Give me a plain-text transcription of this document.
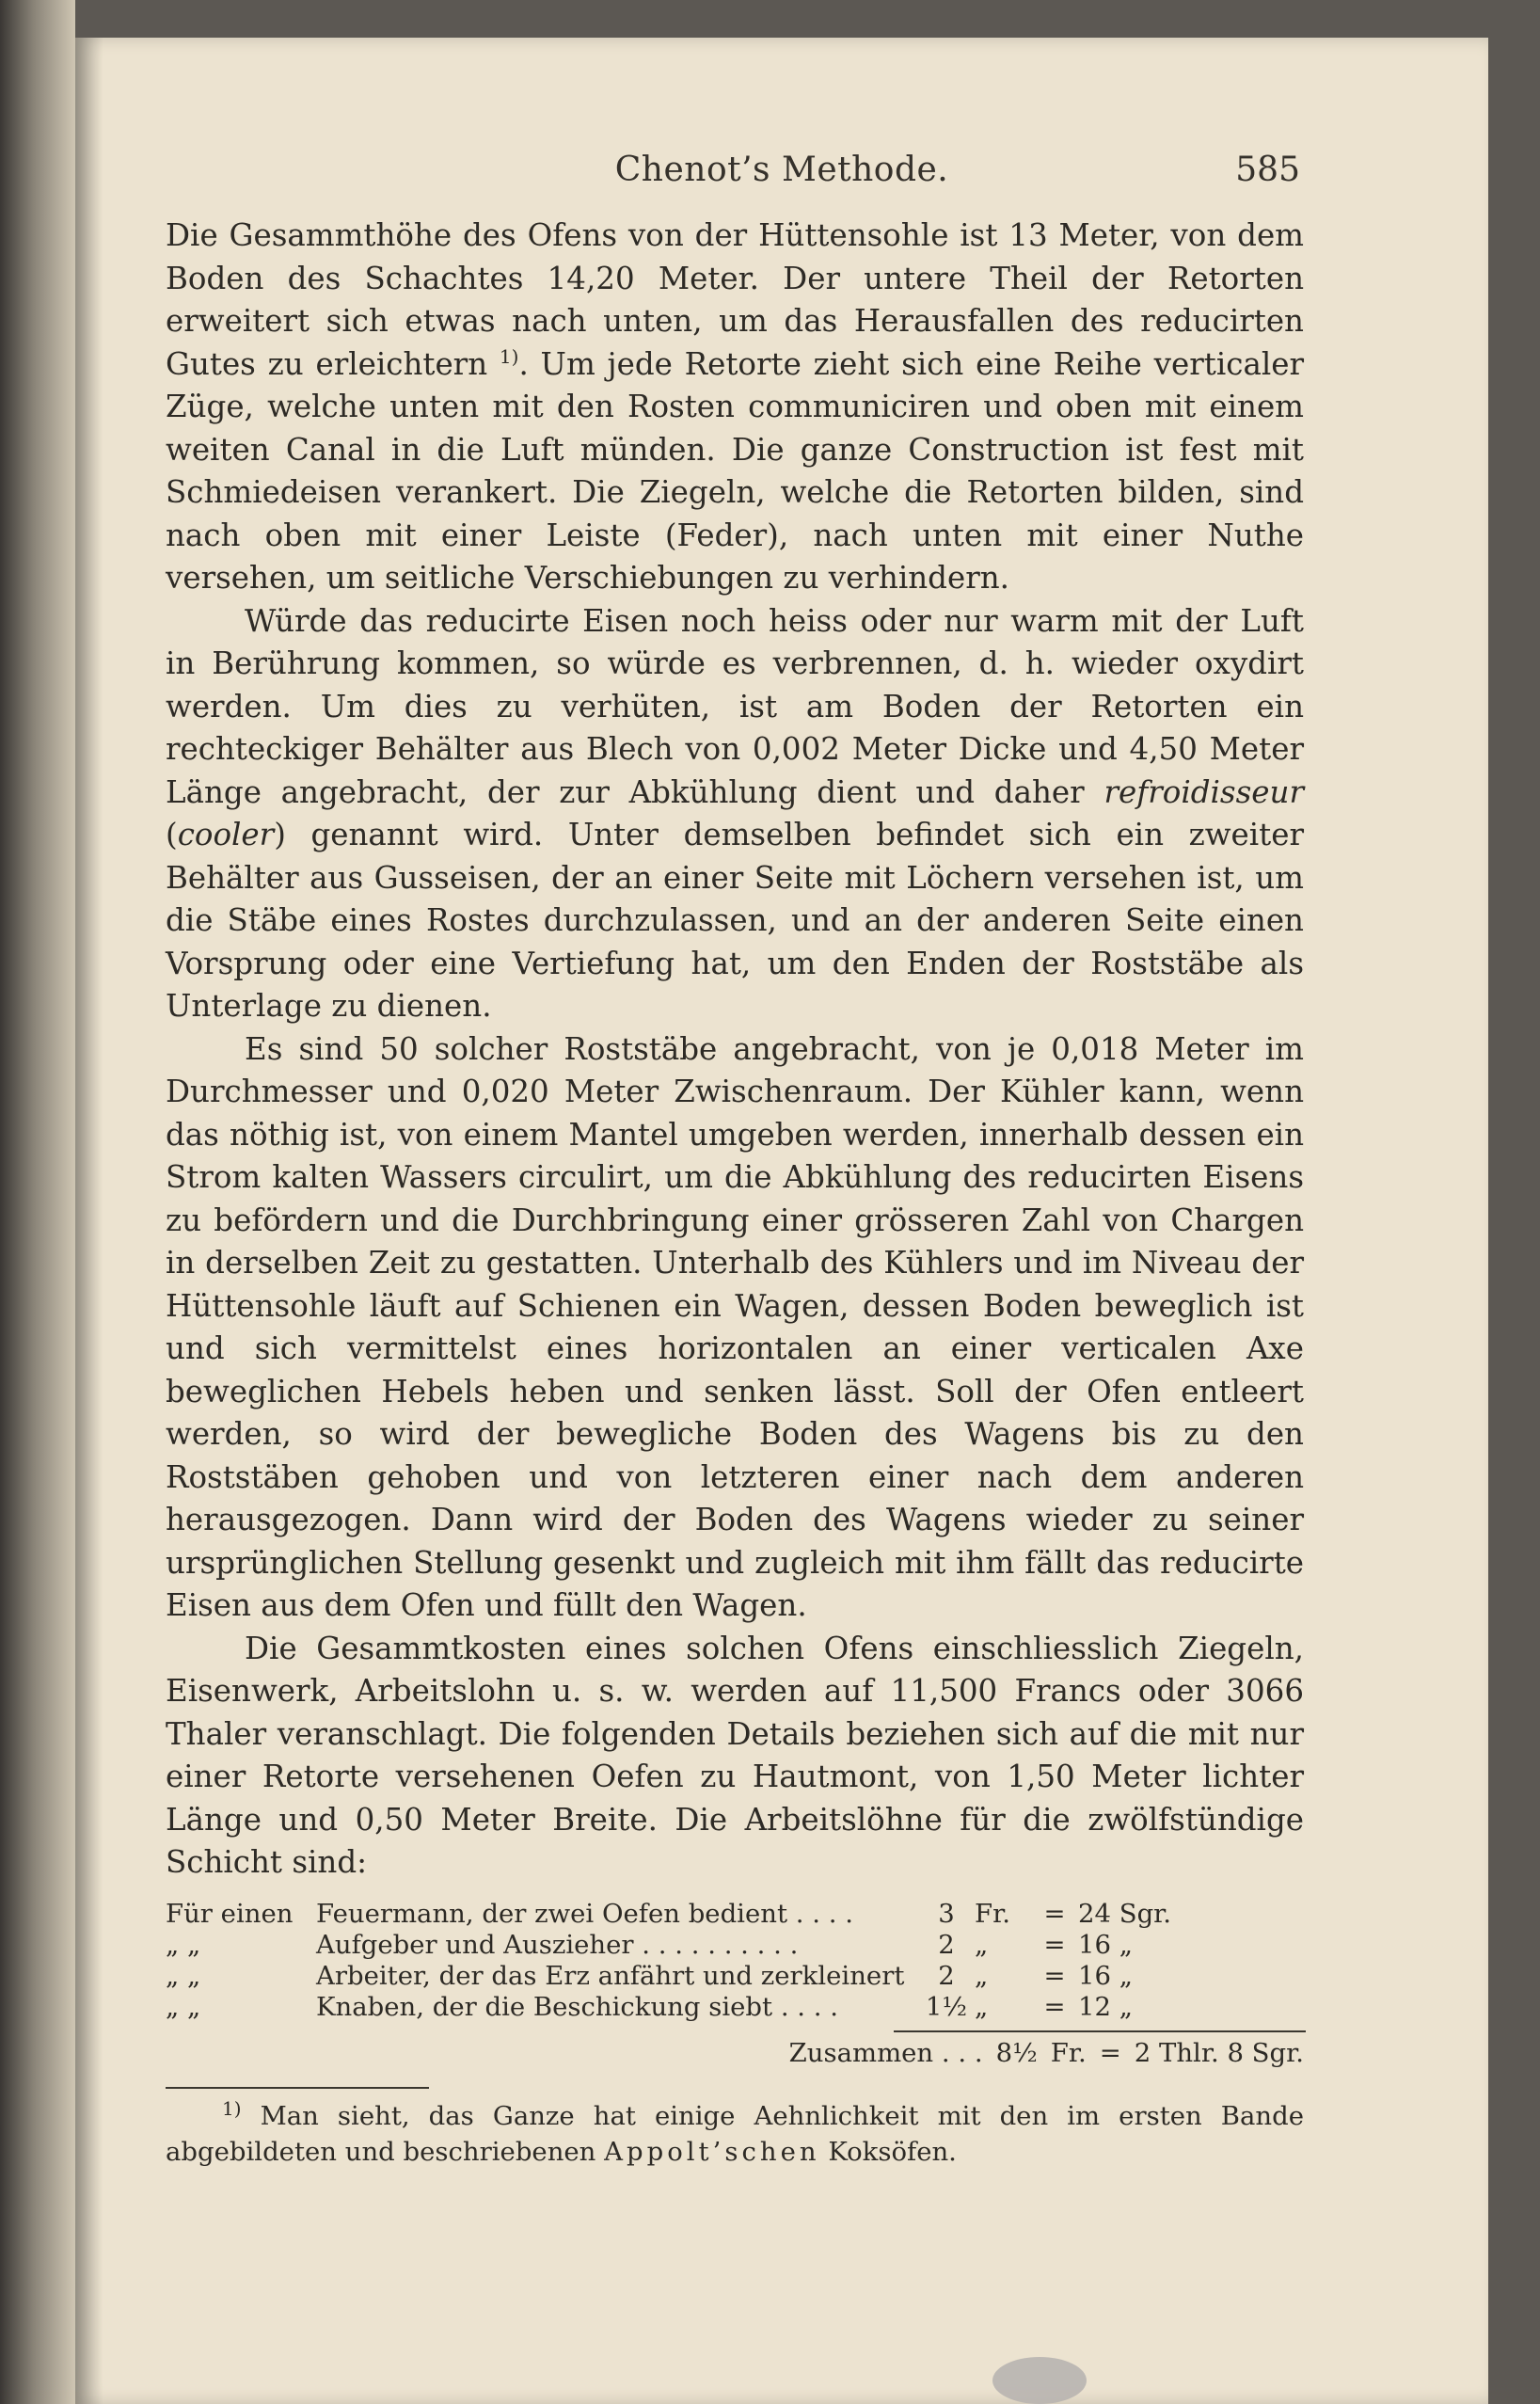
Chenot’s Methode.	585

Die Gesammthöhe des Ofens von der Hüttensohle ist 13 Meter, von dem Boden des Schachtes 14,20 Meter. Der untere Theil der Retorten erweitert sich etwas nach unten, um das Herausfallen des reducirten Gutes zu erleichtern $^{1)}$. Um jede Retorte zieht sich eine Reihe verticaler Züge, welche unten mit den Rosten communiciren und oben mit einem weiten Canal in die Luft münden. Die ganze Construction ist fest mit Schmiedeisen verankert. Die Ziegeln, welche die Retorten bilden, sind nach oben mit einer Leiste (Feder), nach unten mit einer Nuthe versehen, um seitliche Verschiebungen zu verhindern.

Würde das reducirte Eisen noch heiss oder nur warm mit der Luft in Berührung kommen, so würde es verbrennen, d. h. wieder oxydirt werden. Um dies zu verhüten, ist am Boden der Retorten ein rechteckiger Behälter aus Blech von 0,002 Meter Dicke und 4,50 Meter Länge angebracht, der zur Abkühlung dient und daher refroidisseur (cooler) genannt wird. Unter demselben befindet sich ein zweiter Behälter aus Gusseisen, der an einer Seite mit Löchern versehen ist, um die Stäbe eines Rostes durchzulassen, und an der anderen Seite einen Vorsprung oder eine Vertiefung hat, um den Enden der Roststäbe als Unterlage zu dienen.

Es sind 50 solcher Roststäbe angebracht, von je 0,018 Meter im Durchmesser und 0,020 Meter Zwischenraum. Der Kühler kann, wenn das nöthig ist, von einem Mantel umgeben werden, innerhalb dessen ein Strom kalten Wassers circulirt, um die Abkühlung des reducirten Eisens zu befördern und die Durchbringung einer grösseren Zahl von Chargen in derselben Zeit zu gestatten. Unterhalb des Kühlers und im Niveau der Hüttensohle läuft auf Schienen ein Wagen, dessen Boden beweglich ist und sich vermittelst eines horizontalen an einer verticalen Axe beweglichen Hebels heben und senken lässt. Soll der Ofen entleert werden, so wird der bewegliche Boden des Wagens bis zu den Roststäben gehoben und von letzteren einer nach dem anderen herausgezogen. Dann wird der Boden des Wagens wieder zu seiner ursprünglichen Stellung gesenkt und zugleich mit ihm fällt das reducirte Eisen aus dem Ofen und füllt den Wagen.

Die Gesammtkosten eines solchen Ofens einschliesslich Ziegeln, Eisenwerk, Arbeitslohn u. s. w. werden auf 11,500 Francs oder 3066 Thaler veranschlagt. Die folgenden Details beziehen sich auf die mit nur einer Retorte versehenen Oefen zu Hautmont, von 1,50 Meter lichter Länge und 0,50 Meter Breite. Die Arbeitslöhne für die zwölfstündige Schicht sind:

Für einen Feuermann, der zwei Oefen bedient . . . .	3 Fr.	= 24 Sgr.
„ „	Aufgeber und Auszieher . . . . . . . . . .	2 „	= 16 „
„ „	Arbeiter, der das Erz anfährt und zerkleinert	2 „	= 16 „
„ „	Knaben, der die Beschickung siebt . . . .	1½ „	= 12 „
Zusammen . . . 8½ Fr. = 2 Thlr. 8 Sgr.
$^{1)}$ Man sieht, das Ganze hat einige Aehnlichkeit mit den im ersten Bande abgebildeten und beschriebenen Appolt’schen Koksöfen.
